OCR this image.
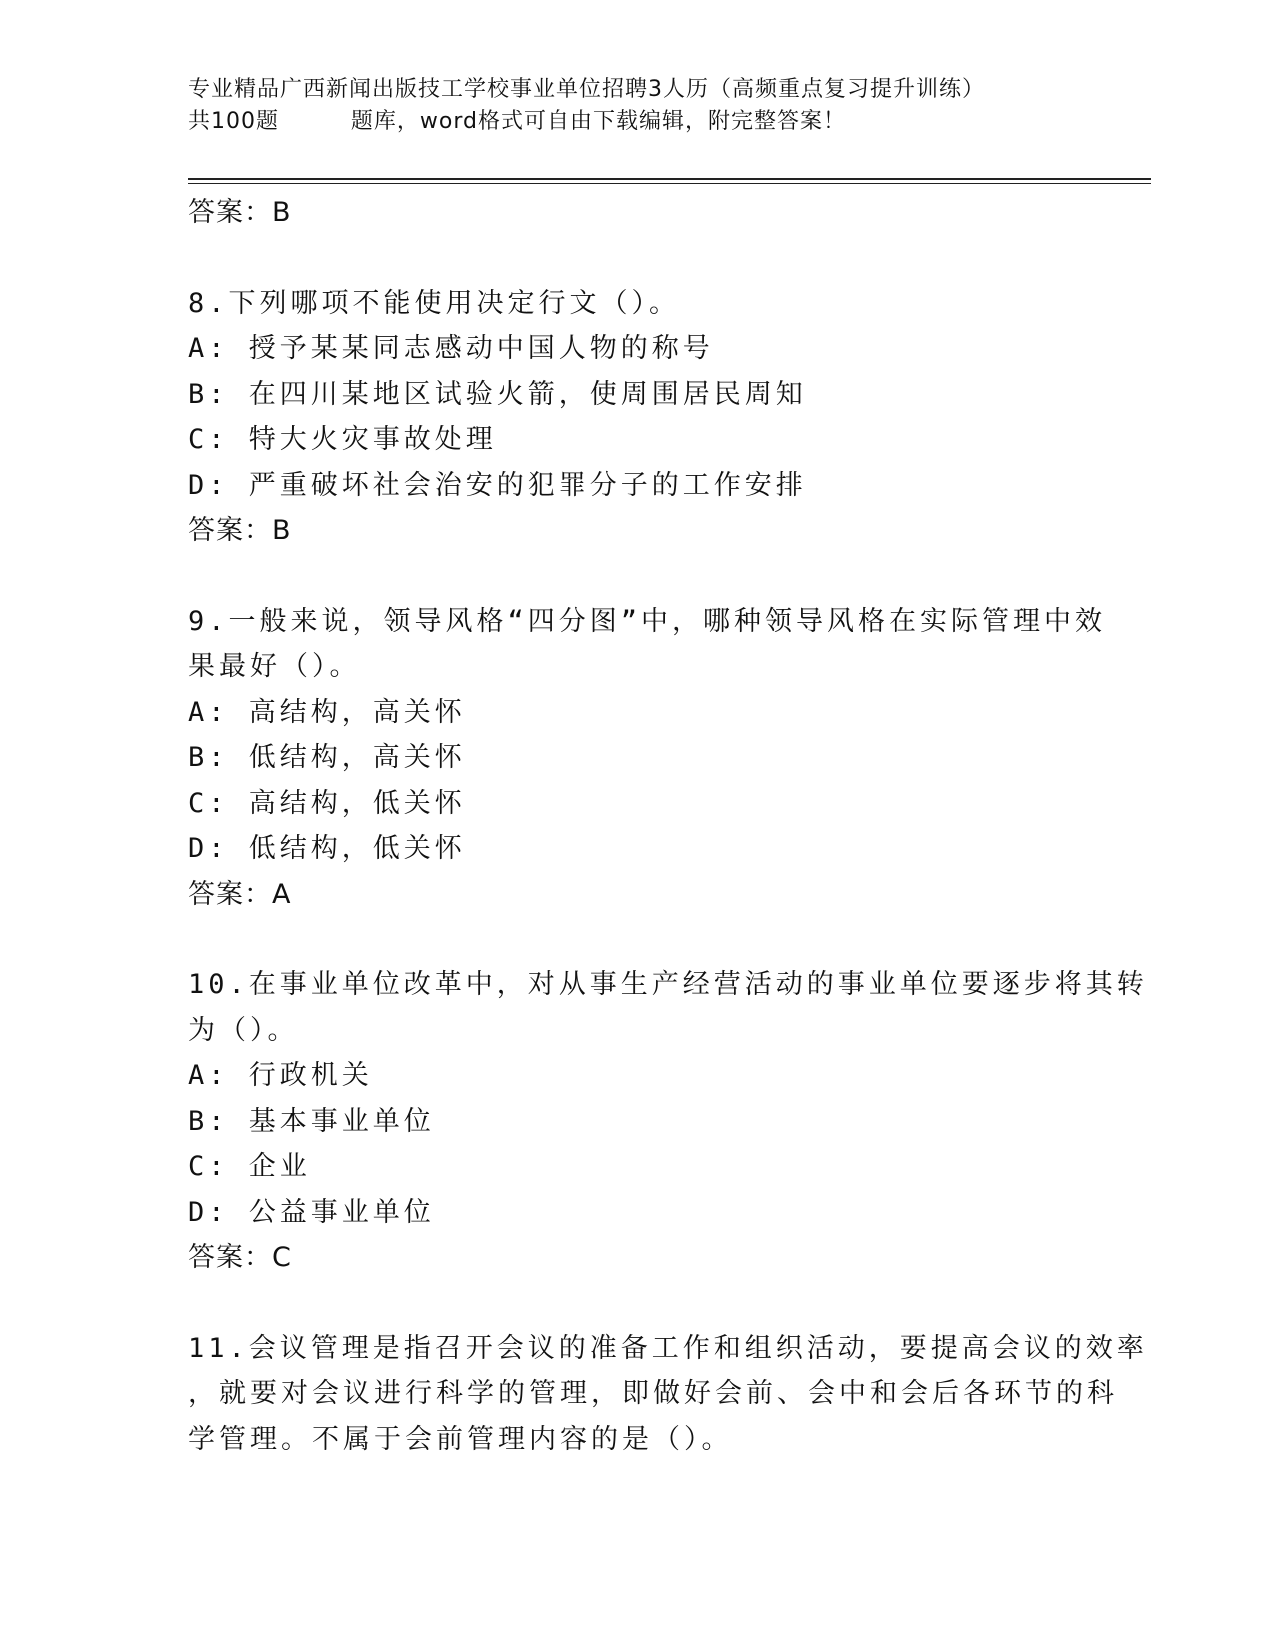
专业精品广西新闻出版技工学校事业单位招聘3人历（高频重点复习提升训练）
共100题         题库，word格式可自由下载编辑，附完整答案！
答案：B
8.下列哪项不能使用决定行文（）。
A: 授予某某同志感动中国人物的称号
B: 在四川某地区试验火箭，使周围居民周知
C: 特大火灾事故处理
D: 严重破坏社会治安的犯罪分子的工作安排
答案：B
9.一般来说，领导风格“四分图”中，哪种领导风格在实际管理中效
果最好（）。
A: 高结构，高关怀
B: 低结构，高关怀
C: 高结构，低关怀
D: 低结构，低关怀
答案：A
10.在事业单位改革中，对从事生产经营活动的事业单位要逐步将其转
为（）。
A: 行政机关
B: 基本事业单位
C: 企业
D: 公益事业单位
答案：C
11.会议管理是指召开会议的准备工作和组织活动，要提高会议的效率
，就要对会议进行科学的管理，即做好会前、会中和会后各环节的科
学管理。不属于会前管理内容的是（）。
